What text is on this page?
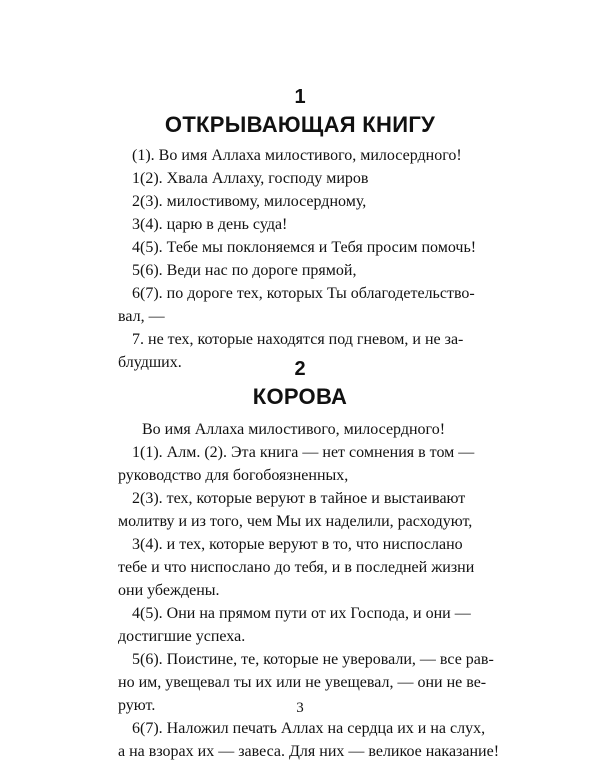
1
ОТКРЫВАЮЩАЯ КНИГУ
(1). Во имя Аллаха милостивого, милосердного!
1(2). Хвала Аллаху, господу миров
2(3). милостивому, милосердному,
3(4). царю в день суда!
4(5). Тебе мы поклоняемся и Тебя просим помочь!
5(6). Веди нас по дороге прямой,
6(7). по дороге тех, которых Ты облагодетельство-
вал, —
7. не тех, которые находятся под гневом, и не за-
блудших.	2
КОРОВА
Во имя Аллаха милостивого, милосердного!
1(1). Алм. (2). Эта книга — нет сомнения в том —
руководство для богобоязненных,
2(3). тех, которые веруют в тайное и выстаивают
молитву и из того, чем Мы их наделили, расходуют,
3(4). и тех, которые веруют в то, что ниспослано
тебе и что ниспослано до тебя, и в последней жизни
они убеждены.
4(5). Они на прямом пути от их Господа, и они —
достигшие успеха.
5(6). Поистине, те, которые не уверовали, — все рав-
но им, увещевал ты их или не увещевал, — они не ве-
руют.
6(7). Наложил печать Аллах на сердца их и на слух,
а на взорах их — завеса. Для них — великое наказание!
3
